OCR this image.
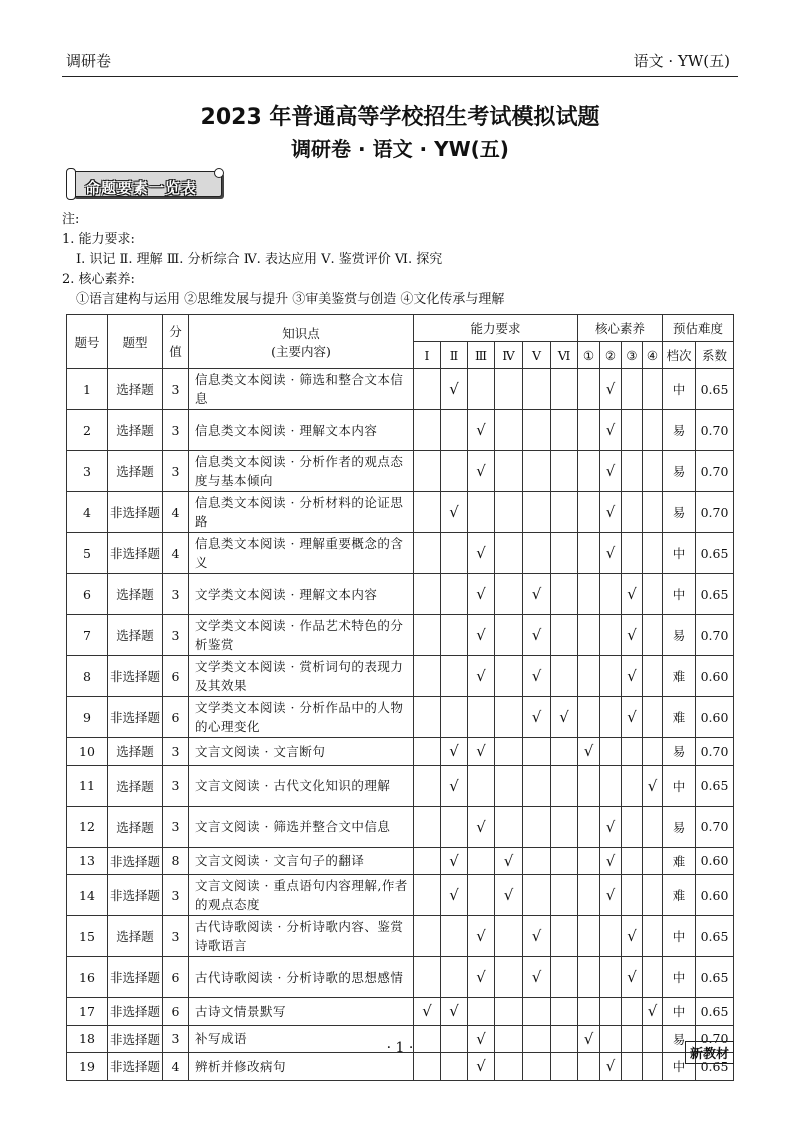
调研卷	语文 · YW(五)
2023 年普通高等学校招生考试模拟试题
调研卷 · 语文 · YW(五)
命题要素一览表
注:
1. 能力要求:
Ⅰ. 识记 Ⅱ. 理解 Ⅲ. 分析综合 Ⅳ. 表达应用 Ⅴ. 鉴赏评价 Ⅵ. 探究
2. 核心素养:
①语言建构与运用 ②思维发展与提升 ③审美鉴赏与创造 ④文化传承与理解
题号	题型	分值	知识点
(主要内容)	能力要求						核心素养				预估难度	
				Ⅰ	Ⅱ	Ⅲ	Ⅳ	Ⅴ	Ⅵ	①	②	③	④	档次	系数
1	选择题	3	信息类文本阅读 · 筛选和整合文本信息		√						√			中	0.65
2	选择题	3	信息类文本阅读 · 理解文本内容			√					√			易	0.70
3	选择题	3	信息类文本阅读 · 分析作者的观点态度与基本倾向			√					√			易	0.70
4	非选择题	4	信息类文本阅读 · 分析材料的论证思路		√						√			易	0.70
5	非选择题	4	信息类文本阅读 · 理解重要概念的含义			√					√			中	0.65
6	选择题	3	文学类文本阅读 · 理解文本内容			√		√				√		中	0.65
7	选择题	3	文学类文本阅读 · 作品艺术特色的分析鉴赏			√		√				√		易	0.70
8	非选择题	6	文学类文本阅读 · 赏析词句的表现力及其效果			√		√				√		难	0.60
9	非选择题	6	文学类文本阅读 · 分析作品中的人物的心理变化					√	√			√		难	0.60
10	选择题	3	文言文阅读 · 文言断句		√	√				√				易	0.70
11	选择题	3	文言文阅读 · 古代文化知识的理解		√								√	中	0.65
12	选择题	3	文言文阅读 · 筛选并整合文中信息			√					√			易	0.70
13	非选择题	8	文言文阅读 · 文言句子的翻译		√		√				√			难	0.60
14	非选择题	3	文言文阅读 · 重点语句内容理解,作者的观点态度		√		√				√			难	0.60
15	选择题	3	古代诗歌阅读 · 分析诗歌内容、鉴赏诗歌语言			√		√				√		中	0.65
16	非选择题	6	古代诗歌阅读 · 分析诗歌的思想感情			√		√				√		中	0.65
17	非选择题	6	古诗文情景默写	√	√								√	中	0.65
18	非选择题	3	补写成语			√				√				易	0.70
19	非选择题	4	辨析并修改病句			√					√			中	0.65
· 1 ·	新教材
